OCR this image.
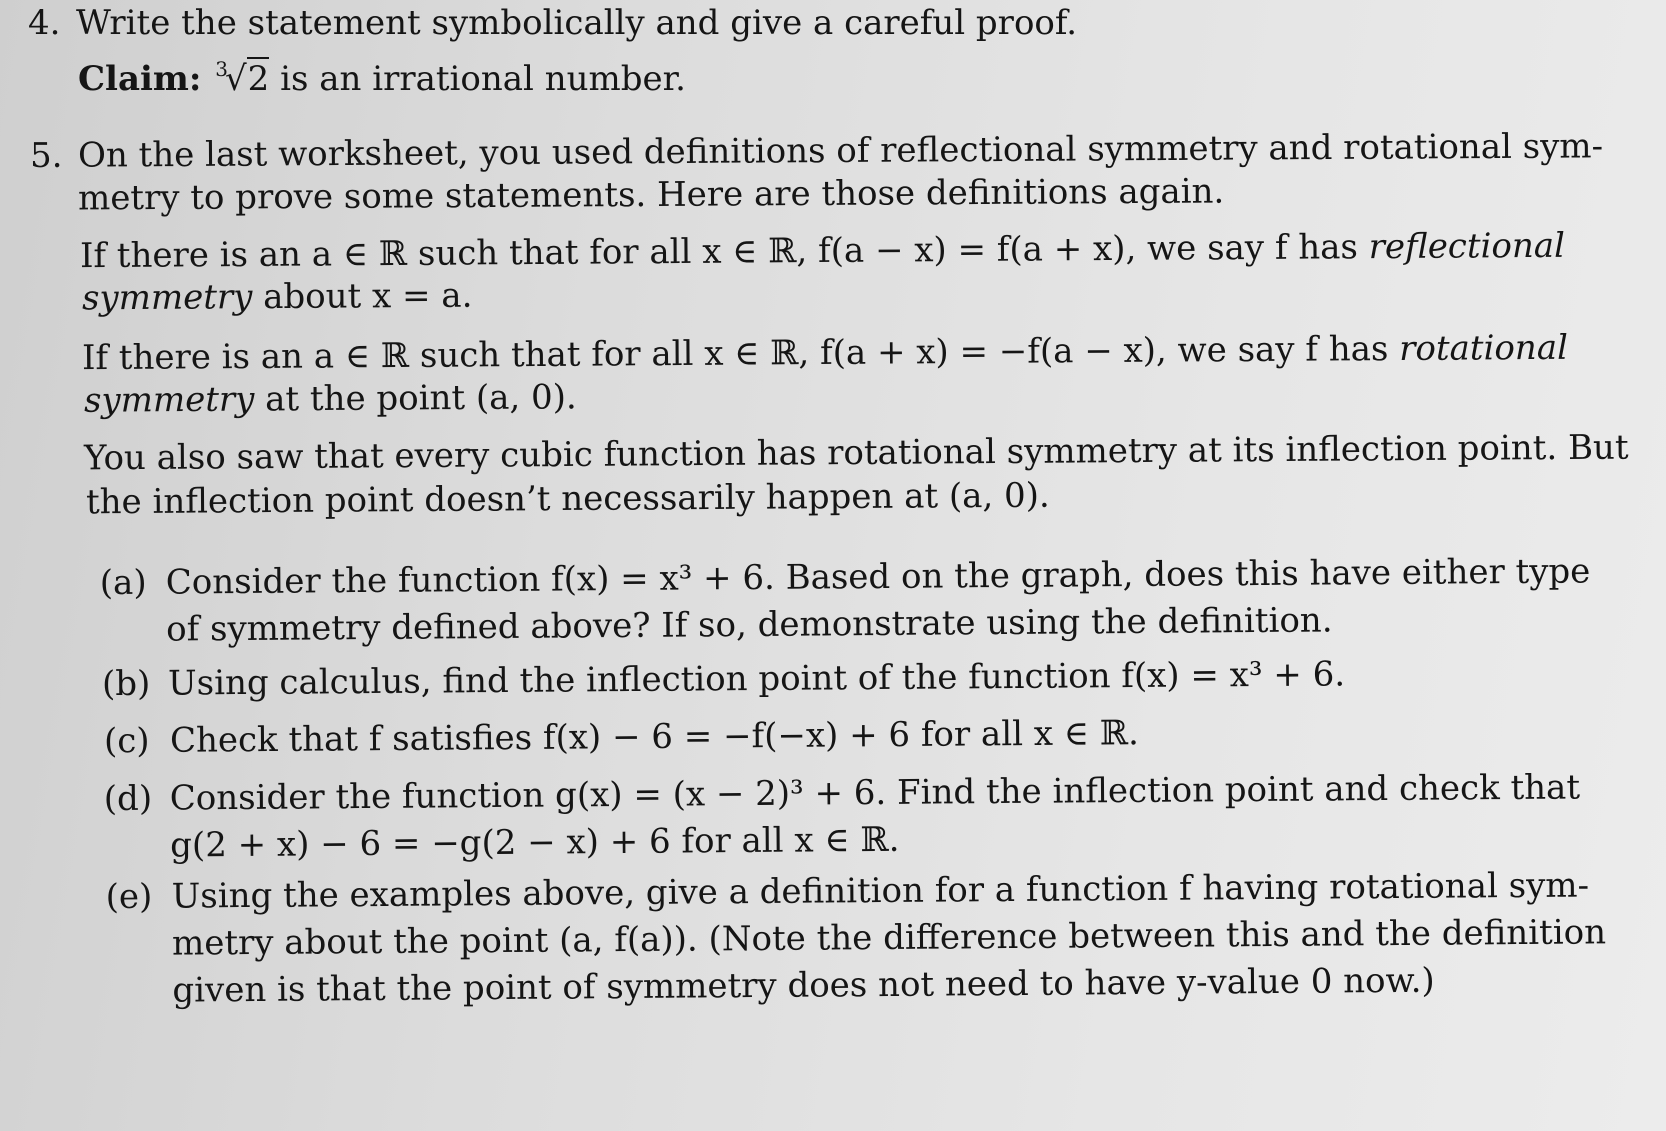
4. Write the statement symbolically and give a careful proof.
Claim: $^3$√2 is an irrational number.
5. On the last worksheet, you used definitions of reflectional symmetry and rotational sym-
metry to prove some statements. Here are those definitions again.
If there is an a ∈ ℝ such that for all x ∈ ℝ, f(a − x) = f(a + x), we say f has reflectional
symmetry about x = a.
If there is an a ∈ ℝ such that for all x ∈ ℝ, f(a + x) = −f(a − x), we say f has rotational
symmetry at the point (a, 0).
You also saw that every cubic function has rotational symmetry at its inflection point. But
the inflection point doesn’t necessarily happen at (a, 0).
(a) Consider the function f(x) = x³ + 6. Based on the graph, does this have either type
of symmetry defined above? If so, demonstrate using the definition.
(b) Using calculus, find the inflection point of the function f(x) = x³ + 6.
(c) Check that f satisfies f(x) − 6 = −f(−x) + 6 for all x ∈ ℝ.
(d) Consider the function g(x) = (x − 2)³ + 6. Find the inflection point and check that
g(2 + x) − 6 = −g(2 − x) + 6 for all x ∈ ℝ.
(e) Using the examples above, give a definition for a function f having rotational sym-
metry about the point (a, f(a)). (Note the difference between this and the definition
given is that the point of symmetry does not need to have y-value 0 now.)
